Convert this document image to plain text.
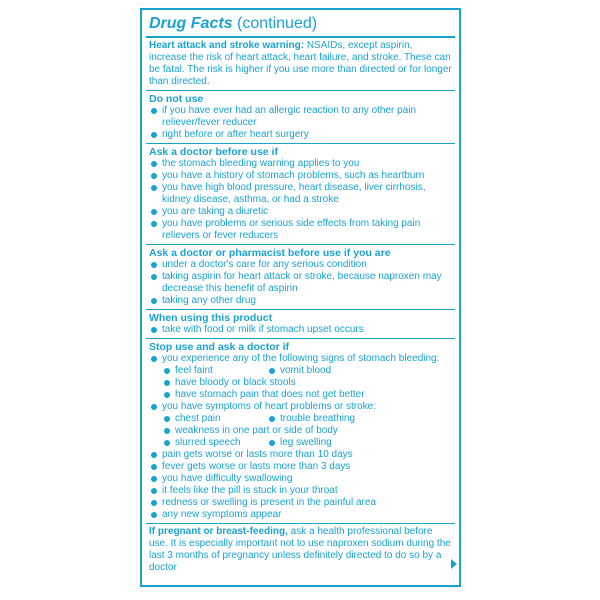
Drug Facts (continued)
Heart attack and stroke warning: NSAIDs, except aspirin, increase the risk of heart attack, heart failure, and stroke. These can be fatal. The risk is higher if you use more than directed or for longer than directed.
Do not use
if you have ever had an allergic reaction to any other pain reliever/fever reducer
right before or after heart surgery
Ask a doctor before use if
the stomach bleeding warning applies to you
you have a history of stomach problems, such as heartburn
you have high blood pressure, heart disease, liver cirrhosis, kidney disease, asthma, or had a stroke
you are taking a diuretic
you have problems or serious side effects from taking pain relievers or fever reducers
Ask a doctor or pharmacist before use if you are
under a doctor's care for any serious condition
taking aspirin for heart attack or stroke, because naproxen may decrease this benefit of aspirin
taking any other drug
When using this product
take with food or milk if stomach upset occurs
Stop use and ask a doctor if
you experience any of the following signs of stomach bleeding:
feel faint	vomit blood
have bloody or black stools
have stomach pain that does not get better
you have symptoms of heart problems or stroke:
chest pain	trouble breathing
weakness in one part or side of body
slurred speech	leg swelling
pain gets worse or lasts more than 10 days
fever gets worse or lasts more than 3 days
you have difficulty swallowing
it feels like the pill is stuck in your throat
redness or swelling is present in the painful area
any new symptoms appear
If pregnant or breast-feeding, ask a health professional before use. It is especially important not to use naproxen sodium during the last 3 months of pregnancy unless definitely directed to do so by a doctor
